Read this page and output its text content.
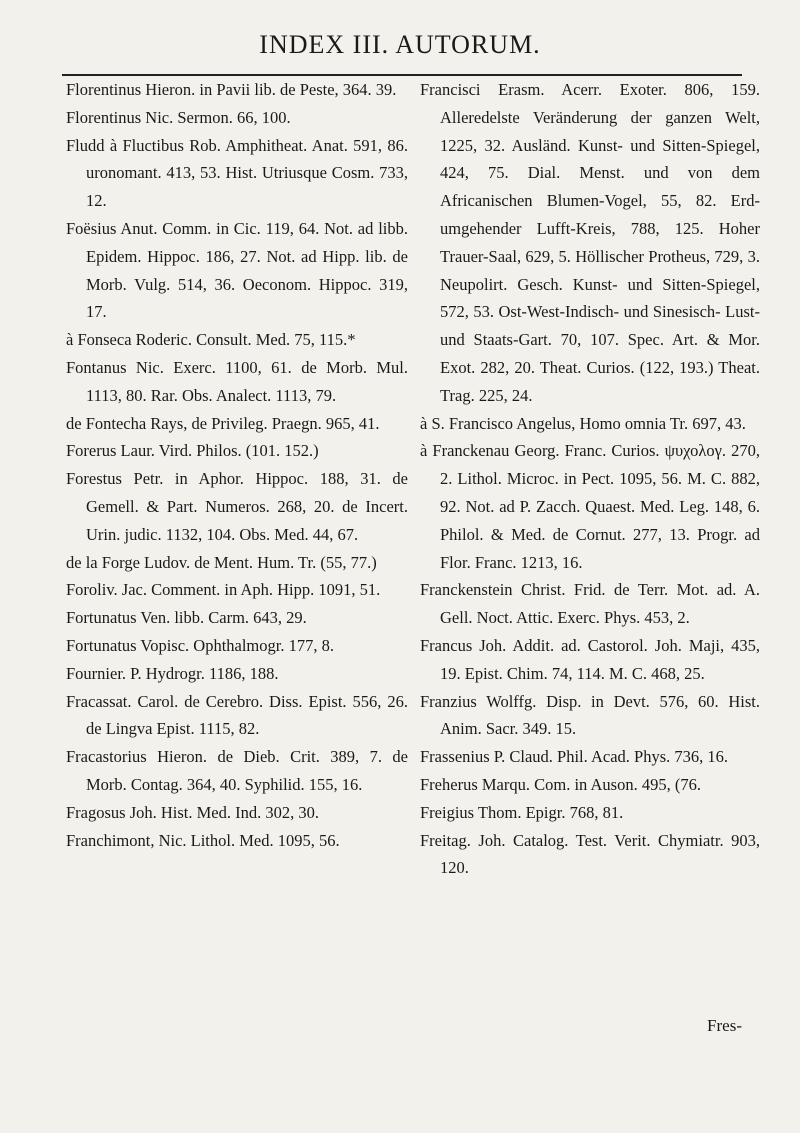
INDEX III. AUTORUM.

Florentinus Hieron. in Pavii lib. de Peste, 364. 39.

Florentinus Nic. Sermon. 66, 100.

Fludd à Fluctibus Rob. Amphitheat. Anat. 591, 86. uronomant. 413, 53. Hist. Utriusque Cosm. 733, 12.

Foësius Anut. Comm. in Cic. 119, 64. Not. ad libb. Epidem. Hippoc. 186, 27. Not. ad Hipp. lib. de Morb. Vulg. 514, 36. Oeconom. Hippoc. 319, 17.

à Fonseca Roderic. Consult. Med. 75, 115.*

Fontanus Nic. Exerc. 1100, 61. de Morb. Mul. 1113, 80. Rar. Obs. Analect. 1113, 79.

de Fontecha Rays, de Privileg. Praegn. 965, 41.

Forerus Laur. Vird. Philos. (101. 152.)

Forestus Petr. in Aphor. Hippoc. 188, 31. de Gemell. & Part. Numeros. 268, 20. de Incert. Urin. judic. 1132, 104. Obs. Med. 44, 67.

de la Forge Ludov. de Ment. Hum. Tr. (55, 77.)

Foroliv. Jac. Comment. in Aph. Hipp. 1091, 51.

Fortunatus Ven. libb. Carm. 643, 29.

Fortunatus Vopisc. Ophthalmogr. 177, 8.

Fournier. P. Hydrogr. 1186, 188.

Fracassat. Carol. de Cerebro. Diss. Epist. 556, 26. de Lingva Epist. 1115, 82.

Fracastorius Hieron. de Dieb. Crit. 389, 7. de Morb. Contag. 364, 40. Syphilid. 155, 16.

Fragosus Joh. Hist. Med. Ind. 302, 30.

Franchimont, Nic. Lithol. Med. 1095, 56.

Francisci Erasm. Acerr. Exoter. 806, 159. Alleredelste Veränderung der ganzen Welt, 1225, 32. Ausländ. Kunst- und Sitten-Spiegel, 424, 75. Dial. Menst. und von dem Africanischen Blumen-Vogel, 55, 82. Erd-umgehender Lufft-Kreis, 788, 125. Hoher Trauer-Saal, 629, 5. Höllischer Protheus, 729, 3. Neupolirt. Gesch. Kunst- und Sitten-Spiegel, 572, 53. Ost-West-Indisch- und Sinesisch- Lust- und Staats-Gart. 70, 107. Spec. Art. & Mor. Exot. 282, 20. Theat. Curios. (122, 193.) Theat. Trag. 225, 24.

à S. Francisco Angelus, Homo omnia Tr. 697, 43.

à Franckenau Georg. Franc. Curios. ψυχολογ. 270, 2. Lithol. Microc. in Pect. 1095, 56. M. C. 882, 92. Not. ad P. Zacch. Quaest. Med. Leg. 148, 6. Philol. & Med. de Cornut. 277, 13. Progr. ad Flor. Franc. 1213, 16.

Franckenstein Christ. Frid. de Terr. Mot. ad. A. Gell. Noct. Attic. Exerc. Phys. 453, 2.

Francus Joh. Addit. ad. Castorol. Joh. Maji, 435, 19. Epist. Chim. 74, 114. M. C. 468, 25.

Franzius Wolffg. Disp. in Devt. 576, 60. Hist. Anim. Sacr. 349. 15.

Frassenius P. Claud. Phil. Acad. Phys. 736, 16.

Freherus Marqu. Com. in Auson. 495, (76.

Freigius Thom. Epigr. 768, 81.

Freitag. Joh. Catalog. Test. Verit. Chymiatr. 903, 120.

Fres-
